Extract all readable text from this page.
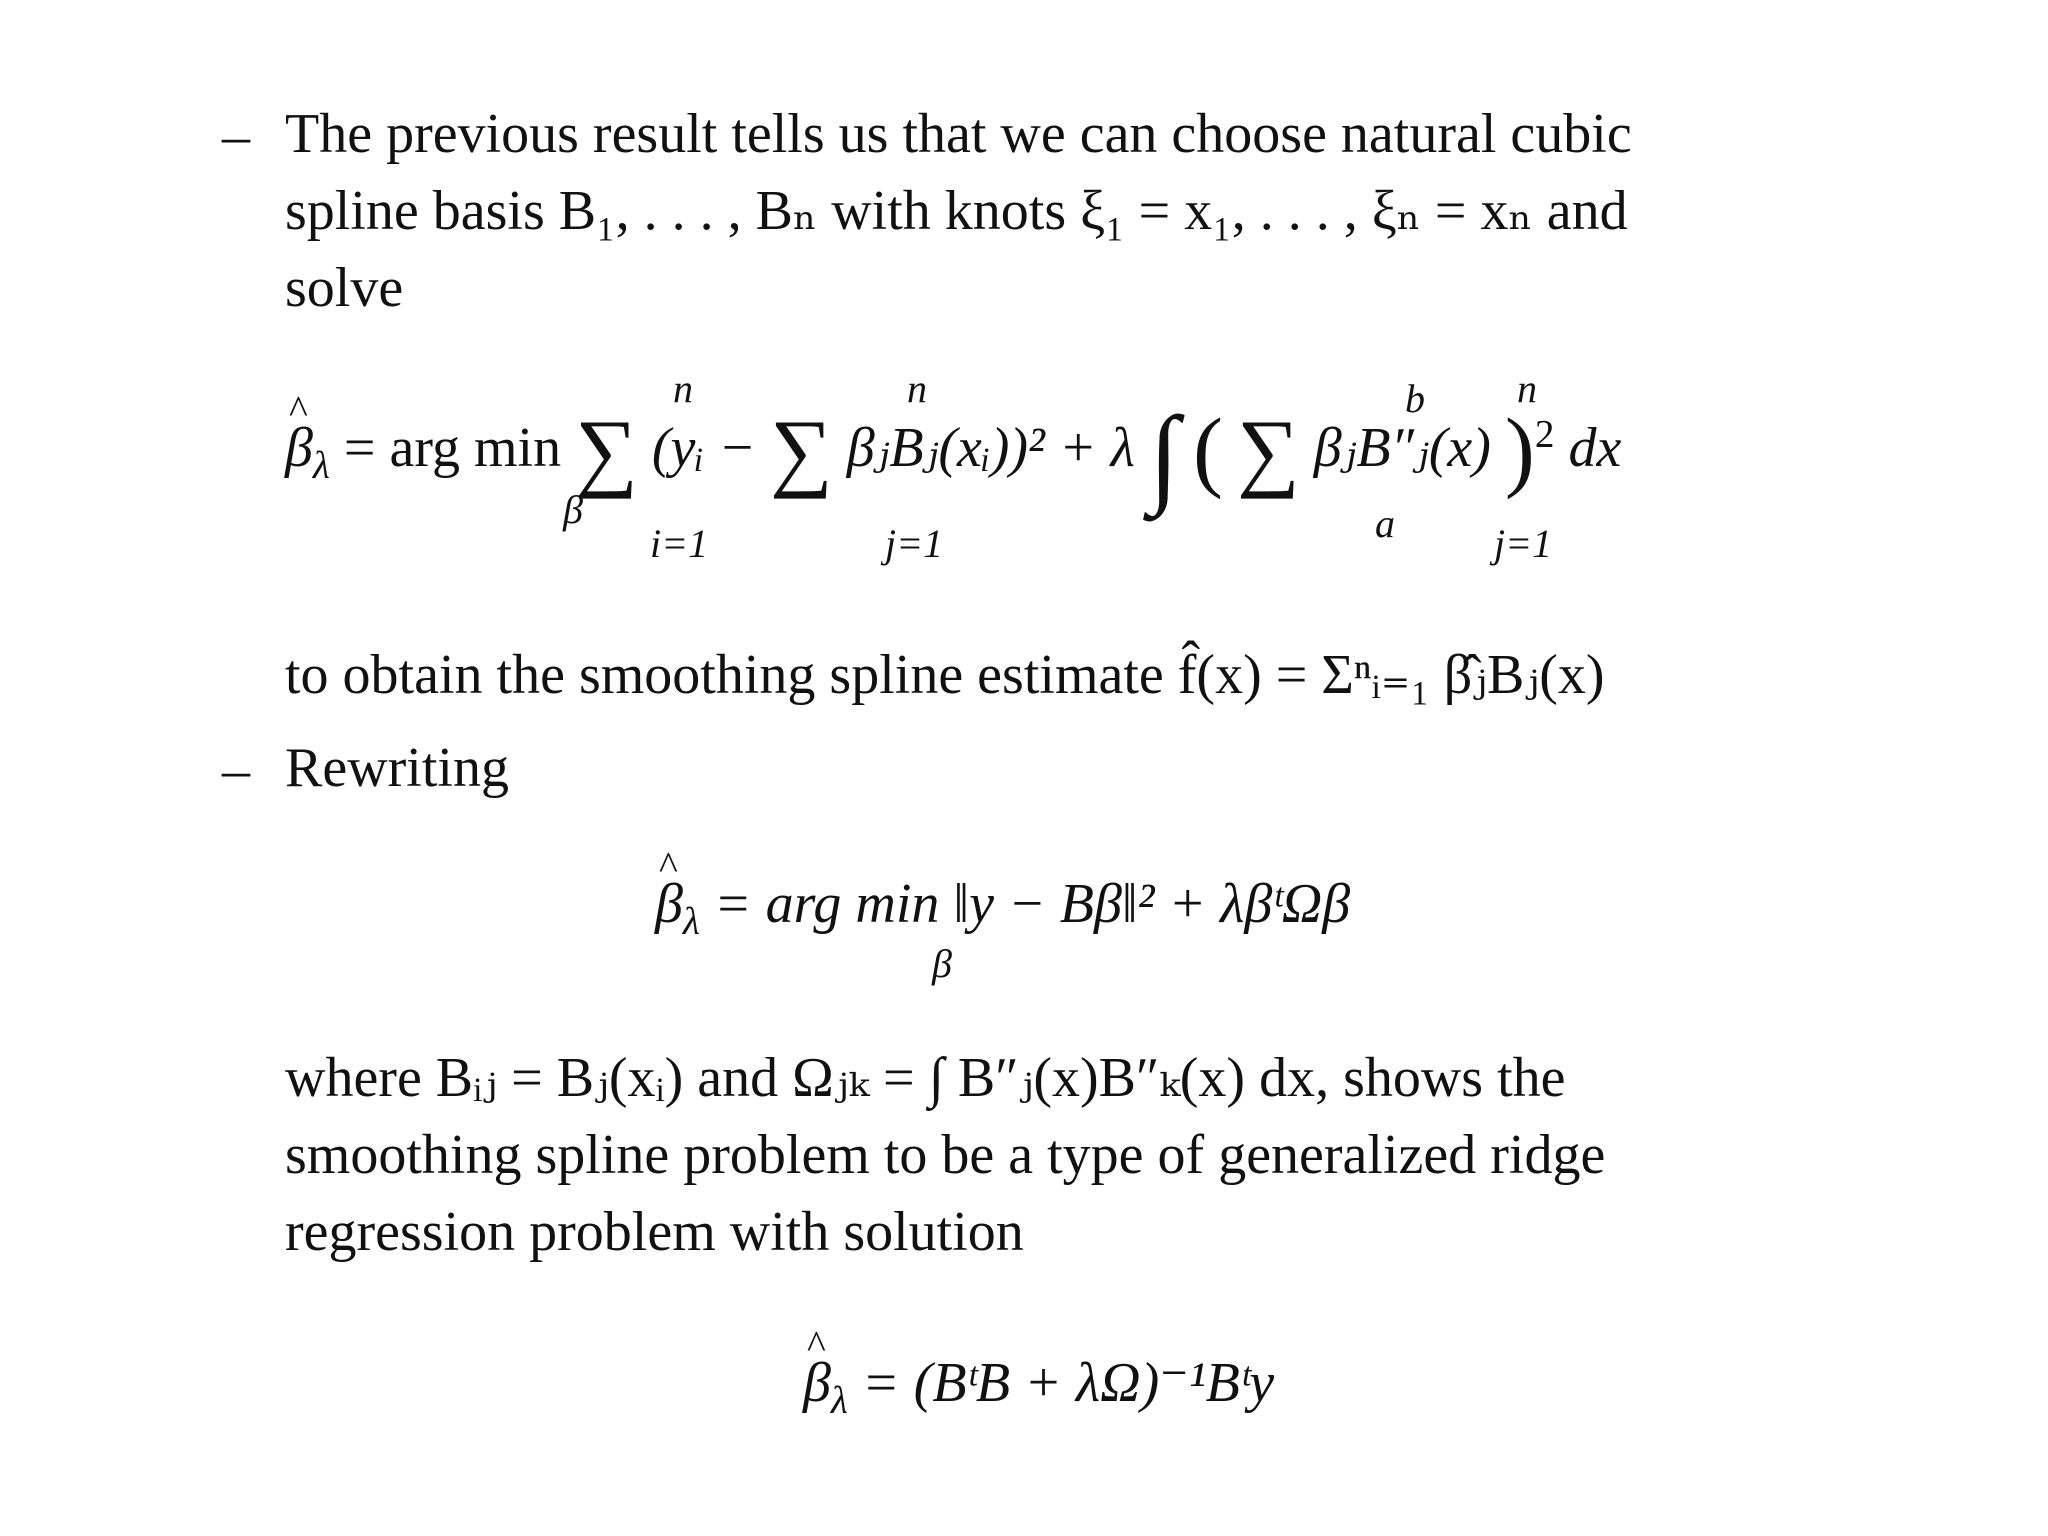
– The previous result tells us that we can choose natural cubic
spline basis B₁, . . . , Bₙ with knots ξ₁ = x₁, . . . , ξₙ = xₙ and
solve
^ $\beta_\lambda$ = arg min ∑ (yᵢ − ∑ βⱼBⱼ(xᵢ))² + λ ∫ ( ∑ βⱼB″ⱼ(x) )$^2$ dx
β
n
i=1
n
j=1
b
a
n
j=1
to obtain the smoothing spline estimate f̂(x) = Σⁿᵢ₌₁ β̂ⱼBⱼ(x)
– Rewriting
^ $\beta_\lambda$ = arg min ‖y − Bβ‖² + λβᵗΩβ
β
where Bᵢⱼ = Bⱼ(xᵢ) and Ωⱼₖ = ∫ B″ⱼ(x)B″ₖ(x) dx, shows the
smoothing spline problem to be a type of generalized ridge
regression problem with solution
^ $\beta_\lambda$ = (BᵗB + λΩ)⁻¹Bᵗy
